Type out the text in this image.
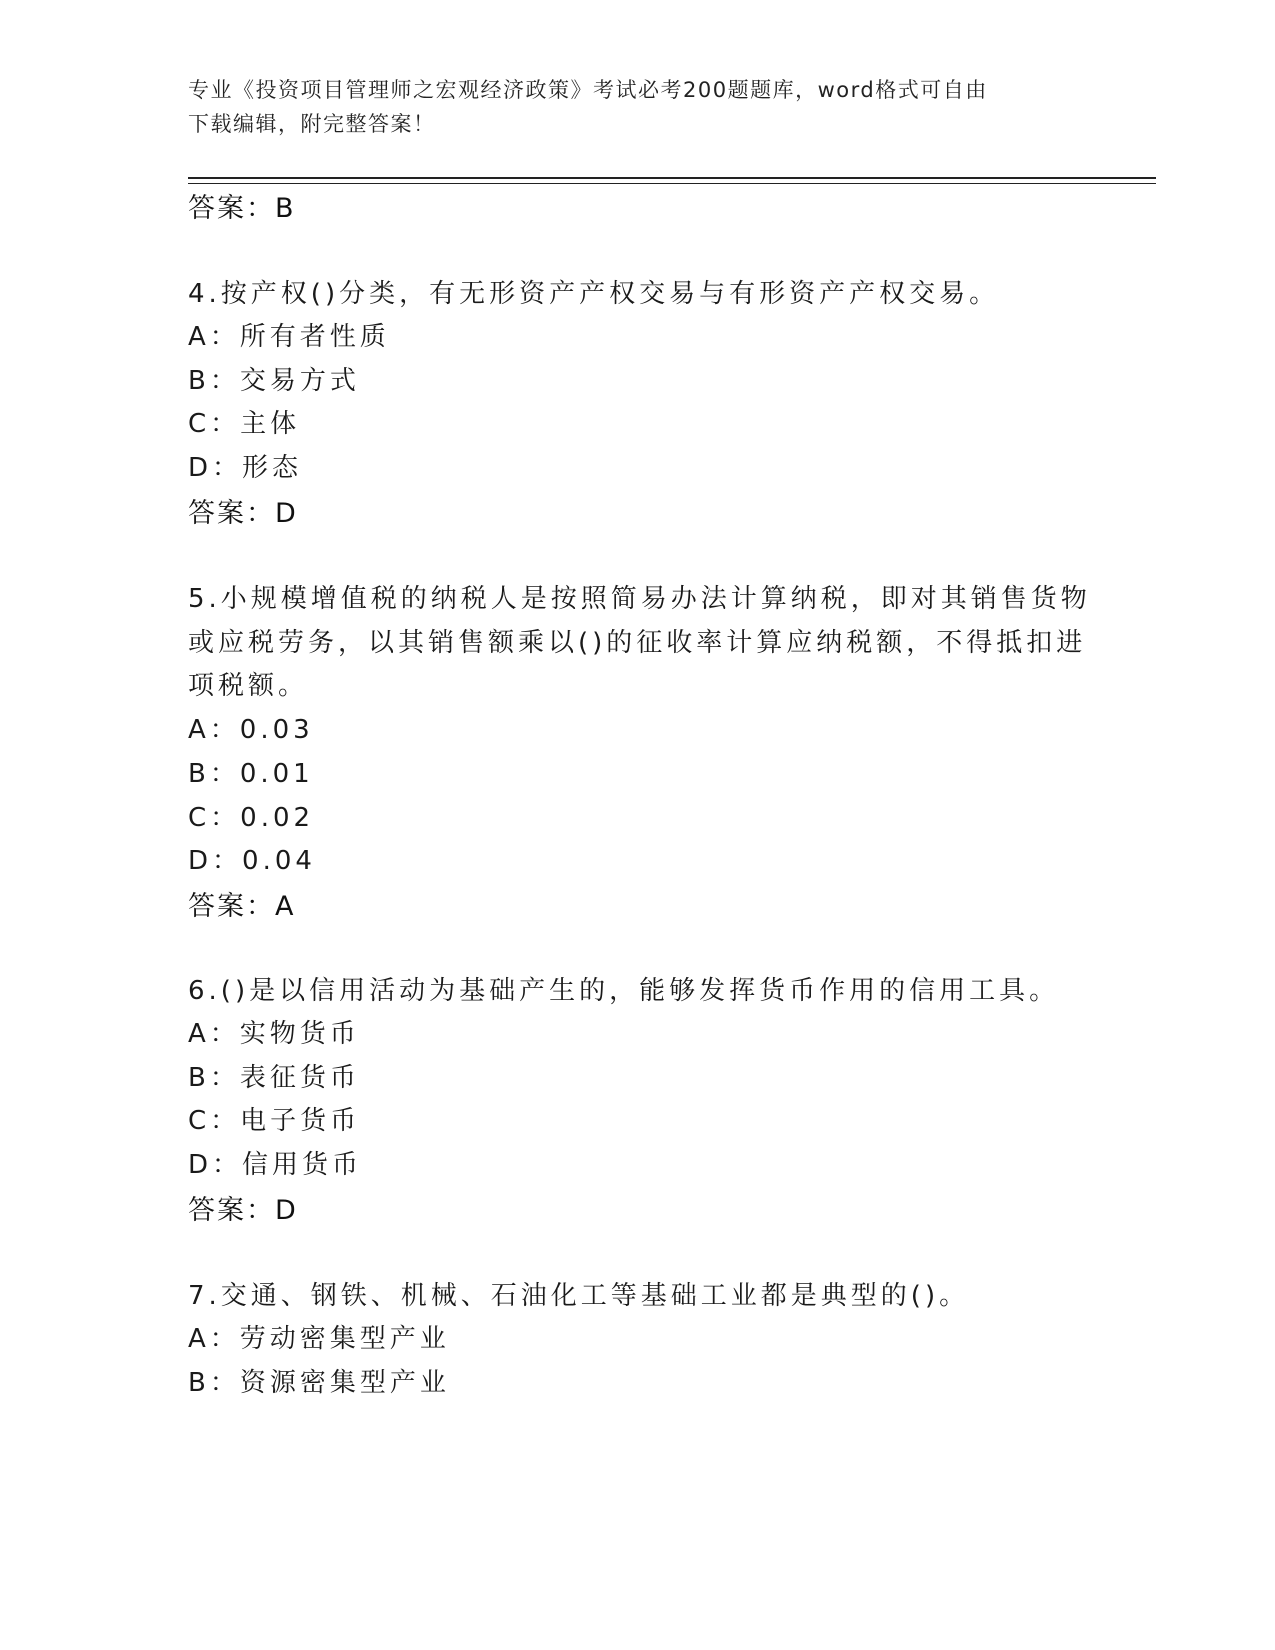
专业《投资项目管理师之宏观经济政策》考试必考200题题库，word格式可自由
下载编辑，附完整答案！
答案：B
4.按产权()分类，有无形资产产权交易与有形资产产权交易。
A：所有者性质
B：交易方式
C：主体
D：形态
答案：D
5.小规模增值税的纳税人是按照简易办法计算纳税，即对其销售货物
或应税劳务，以其销售额乘以()的征收率计算应纳税额，不得抵扣进
项税额。
A：0.03
B：0.01
C：0.02
D：0.04
答案：A
6.()是以信用活动为基础产生的，能够发挥货币作用的信用工具。
A：实物货币
B：表征货币
C：电子货币
D：信用货币
答案：D
7.交通、钢铁、机械、石油化工等基础工业都是典型的()。
A：劳动密集型产业
B：资源密集型产业
